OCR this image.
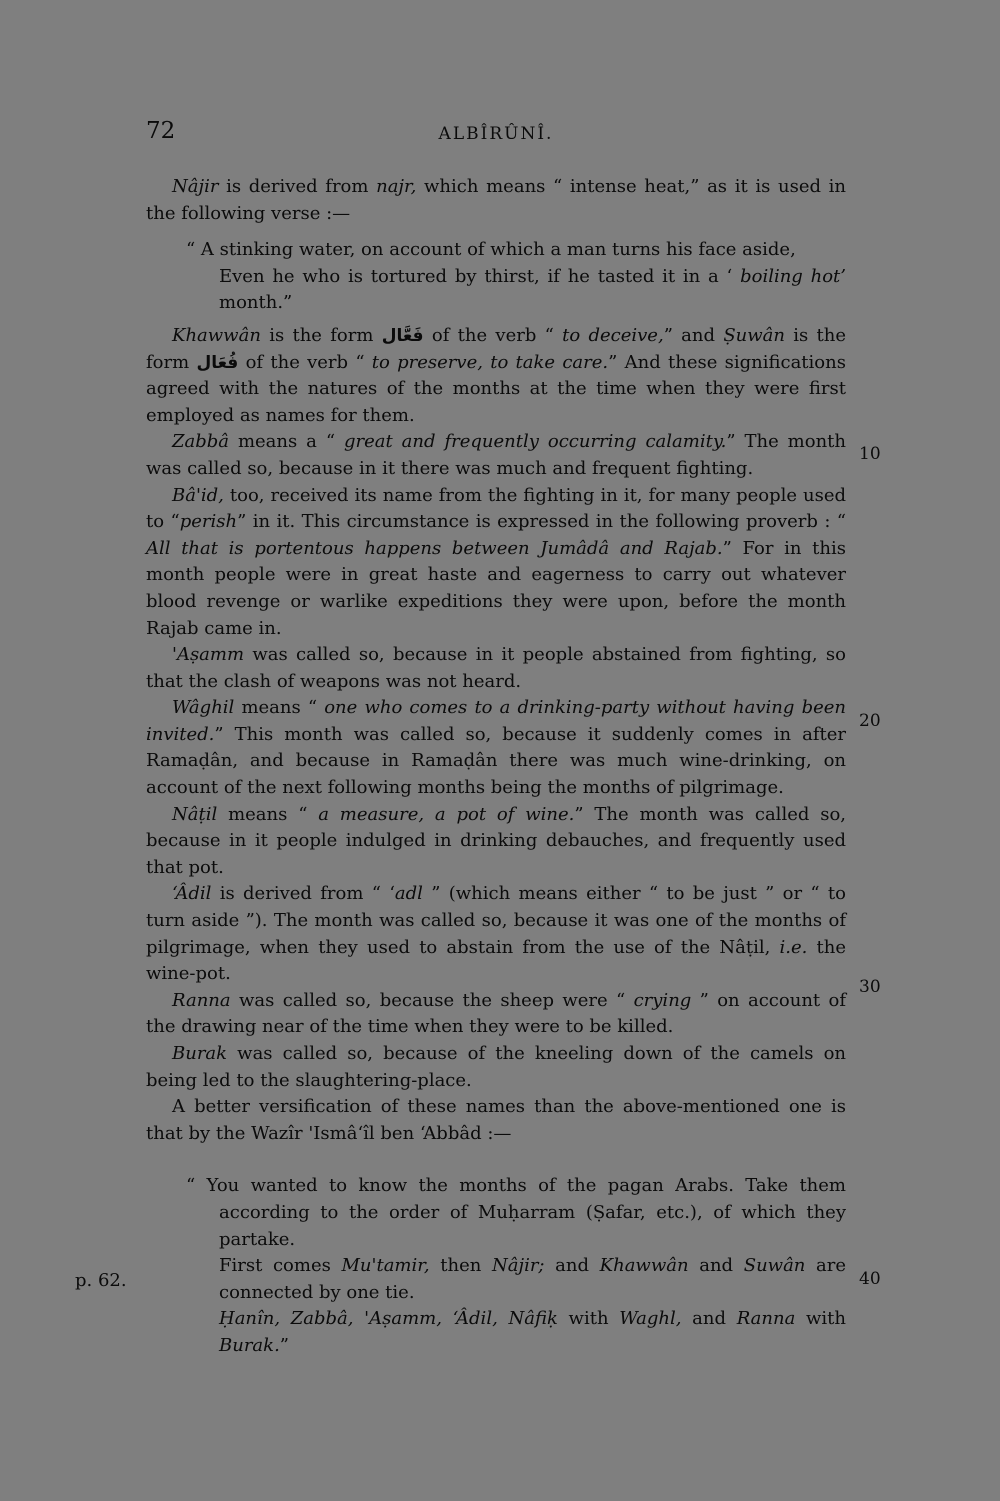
72	ALBÎRÛNÎ.

Nâjir is derived from najr, which means “ intense heat,” as it is used in the following verse :—

“ A stinking water, on account of which a man turns his face aside,
Even he who is tortured by thirst, if he tasted it in a ‘ boiling hot’ month.”

Khawwân is the form فَعَّال of the verb “ to deceive,” and Ṣuwân is the form فُعَال of the verb “ to preserve, to take care.” And these significations agreed with the natures of the months at the time when they were first employed as names for them.

Zabbâ means a “ great and frequently occurring calamity.” The month was called so, because in it there was much and frequent fighting.

Bâ'id, too, received its name from the fighting in it, for many people used to “perish” in it. This circumstance is expressed in the following proverb : “ All that is portentous happens between Jumâdâ and Rajab.” For in this month people were in great haste and eagerness to carry out whatever blood revenge or warlike expeditions they were upon, before the month Rajab came in.

'Aṣamm was called so, because in it people abstained from fighting, so that the clash of weapons was not heard.

Wâghil means “ one who comes to a drinking-party without having been invited.” This month was called so, because it suddenly comes in after Ramaḍân, and because in Ramaḍân there was much wine-drinking, on account of the next following months being the months of pilgrimage.

Nâṭil means “ a measure, a pot of wine.” The month was called so, because in it people indulged in drinking debauches, and frequently used that pot.

‘Âdil is derived from “ ‘adl ” (which means either “ to be just ” or “ to turn aside ”). The month was called so, because it was one of the months of pilgrimage, when they used to abstain from the use of the Nâṭil, i.e. the wine-pot.

Ranna was called so, because the sheep were “ crying ” on account of the drawing near of the time when they were to be killed.

Burak was called so, because of the kneeling down of the camels on being led to the slaughtering-place.

A better versification of these names than the above-mentioned one is that by the Wazîr 'Ismâ‘îl ben ‘Abbâd :—

“ You wanted to know the months of the pagan Arabs. Take them according to the order of Muḥarram (Ṣafar, etc.), of which they partake.
First comes Mu'tamir, then Nâjir; and Khawwân and Suwân are connected by one tie.
Ḥanîn, Zabbâ, 'Aṣamm, ‘Âdil, Nâfiḳ with Waghl, and Ranna with Burak.”
10
20
30
40
p. 62.
